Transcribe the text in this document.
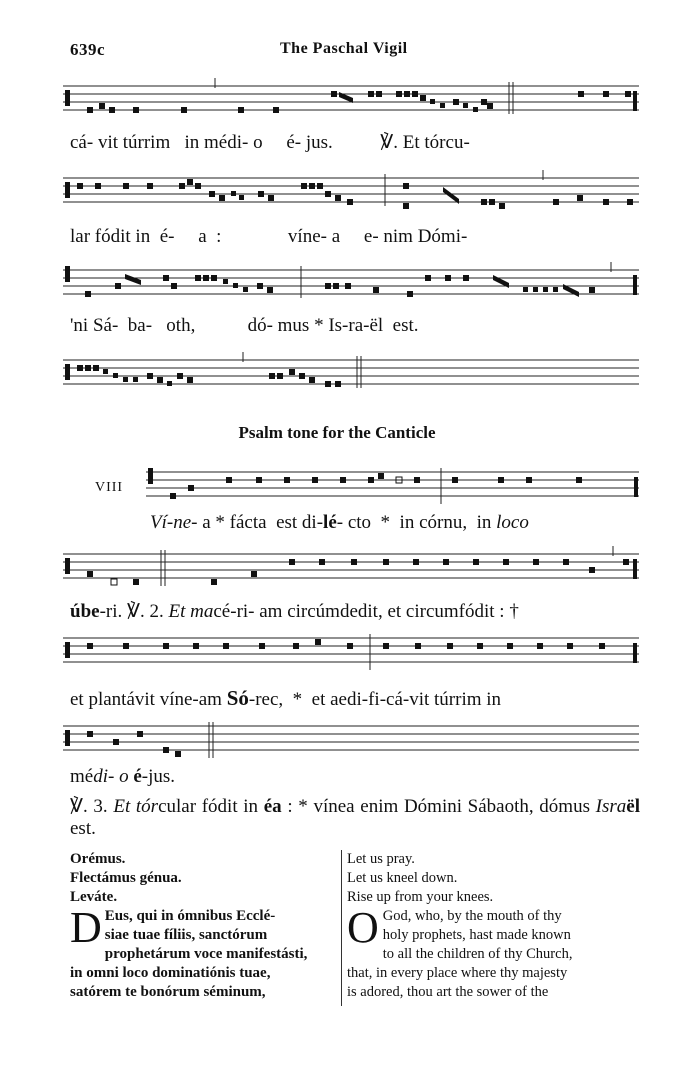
639c	The Paschal Vigil
cá- vit túrrim   in médi- o     é- jus.          ℣. Et tórcu-
lar fódit in  é-     a  :              víne- a     e- nim Dómi-
'ni Sá-  ba-   oth,           dó- mus * Is-ra-ël  est.
Psalm tone for the Canticle
VIII
Ví-ne- a * fácta  est di-lé- cto  *  in córnu,  in loco
úbe-ri. ℣. 2. Et macé-ri- am circúmdedit, et circumfódit : †
et plantávit víne-am Só-rec,  *  et aedi-fi-cá-vit túrrim in
médi- o é-jus.
℣. 3. Et tórcular fódit in éa : * vínea enim Dómini Sábaoth, dómus Israël est.
Orémus.
Flectámus génua.
Leváte.
D Eus, qui in ómnibus Ecclé-
siae tuae fíliis, sanctórum
prophetárum voce manifestásti,
in omni loco dominatiónis tuae,
satórem te bonórum séminum,
Let us pray.
Let us kneel down.
Rise up from your knees.
O God, who, by the mouth of thy
holy prophets, hast made known
to all the children of thy Church,
that, in every place where thy majesty
is adored, thou art the sower of the
